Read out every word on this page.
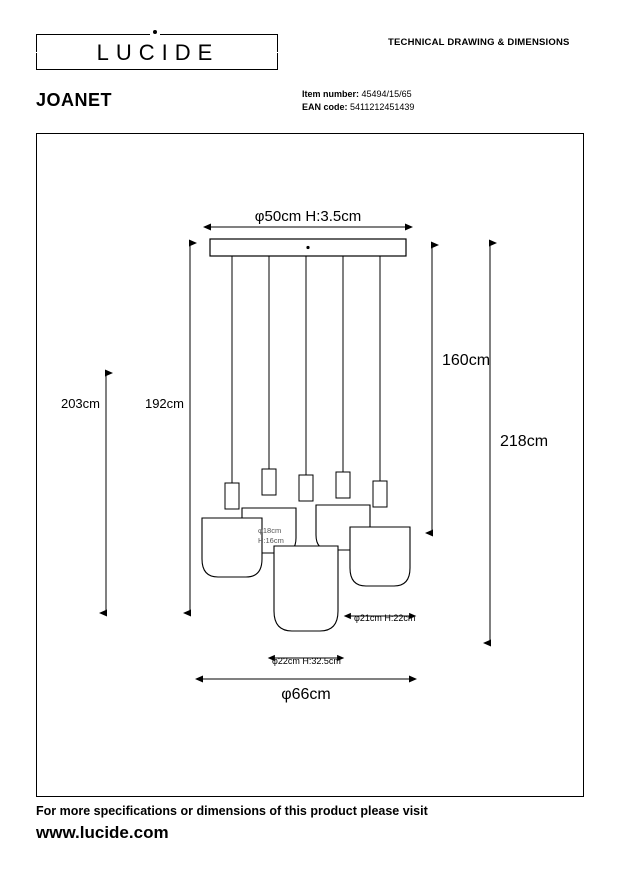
LUCIDE	TECHNICAL DRAWING & DIMENSIONS
JOANET	Item number: 45494/15/65
EAN code: 5411212451439
φ50cm H:3.5cm
φ18cm
H:16cm
φ21cm H:22cm
φ22cm H:32.5cm
φ66cm
192cm
203cm
160cm
218cm
For more specifications or dimensions of this product please visit
www.lucide.com
